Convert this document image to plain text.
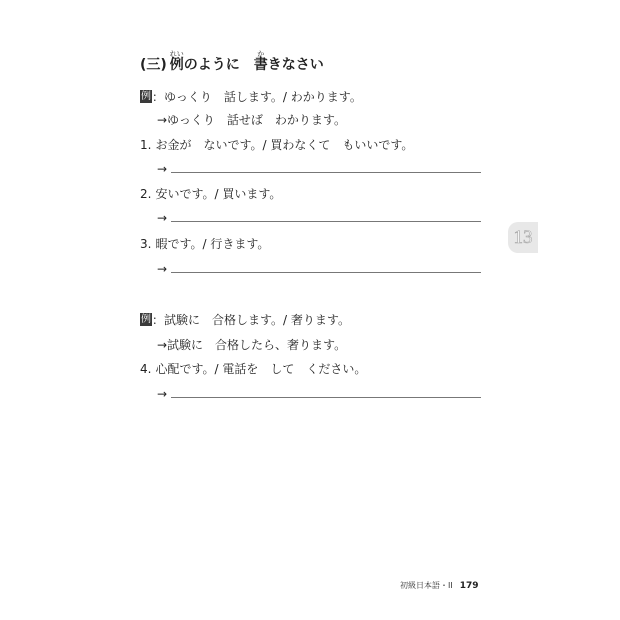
(三) 例れいのように　書かきなさい
例：ゆっくり　話します。/ わかります。
→ゆっくり　話せば　わかります。
1. お金が　ないです。/ 買わなくて　もいいです。
→
2. 安いです。/ 買います。
→
3. 暇です。/ 行きます。
→
例：試験に　合格します。/ 奢ります。
→試験に　合格したら、奢ります。
4. 心配です。/ 電話を　して　ください。
→
13
初級日本語・II 179
